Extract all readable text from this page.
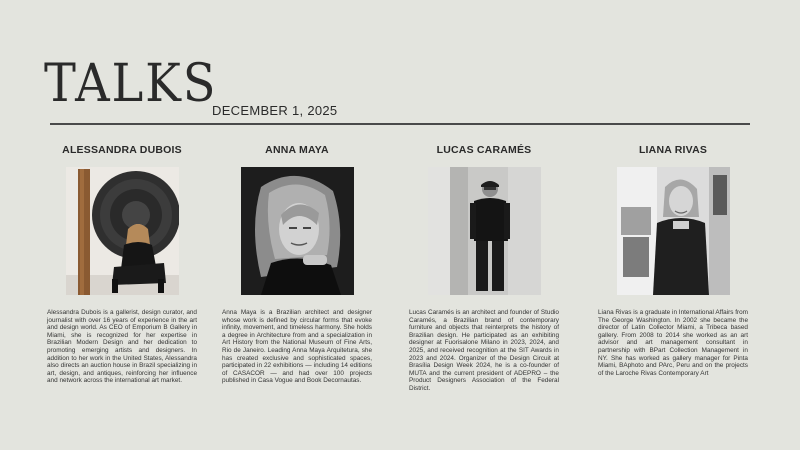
TALKS
DECEMBER 1, 2025
ALESSANDRA DUBOIS
Alessandra Dubois is a gallerist, design curator, and journalist with over 16 years of experience in the art and design world. As CEO of Emporium B Gallery in Miami, she is recognized for her expertise in Brazilian Modern Design and her dedication to promoting emerging artists and designers. In addition to her work in the United States, Alessandra also directs an auction house in Brazil specializing in art, design, and antiques, reinforcing her influence and network across the international art market.
ANNA MAYA
Anna Maya is a Brazilian architect and designer whose work is defined by circular forms that evoke infinity, movement, and timeless harmony. She holds a degree in Architecture from and a specialization in Art History from the National Museum of Fine Arts, Rio de Janeiro. Leading Anna Maya Arquitetura, she has created exclusive and sophisticated spaces, participated in 22 exhibitions — including 14 editions of CASACOR — and had over 100 projects published in Casa Vogue and Book Decornautas.
LUCAS CARAMÉS
Lucas Caramés is an architect and founder of Studio Caramés, a Brazilian brand of contemporary furniture and objects that reinterprets the history of Brazilian design. He participated as an exhibiting designer at Fuorisalone Milano in 2023, 2024, and 2025, and received recognition at the SIT Awards in 2023 and 2024. Organizer of the Design Circuit at Brasília Design Week 2024, he is a co-founder of MUTA and the current president of ADEPRO – the Product Designers Association of the Federal District.
LIANA RIVAS
Liana Rivas is a graduate in International Affairs from The George Washington. In 2002 she became the director of Latin Collector Miami, a Tribeca based gallery. From 2008 to 2014 she worked as an art advisor and art management consultant in partnership with BPart Collection Management in NY. She has worked as gallery manager for Pinta Miami, BAphoto and PArc, Peru and on the projects of the Laroche Rivas Contemporary Art
